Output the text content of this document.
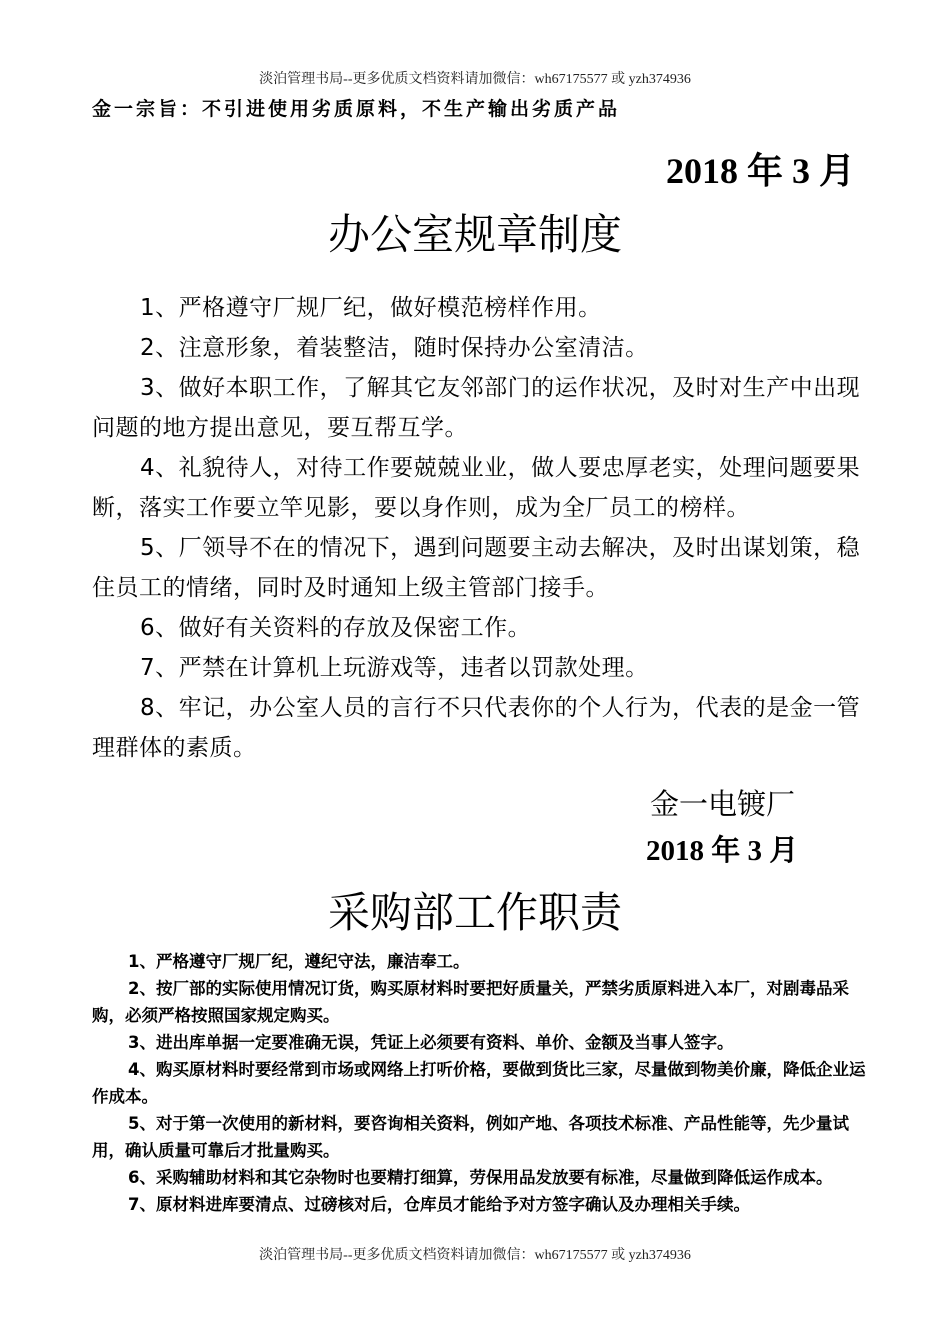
淡泊管理书局--更多优质文档资料请加微信：wh67175577 或 yzh374936
金一宗旨：不引进使用劣质原料，不生产输出劣质产品
2018 年 3 月
办公室规章制度
1、严格遵守厂规厂纪，做好模范榜样作用。
2、注意形象，着装整洁，随时保持办公室清洁。
3、做好本职工作，了解其它友邻部门的运作状况，及时对生产中出现问题的地方提出意见，要互帮互学。
4、礼貌待人，对待工作要兢兢业业，做人要忠厚老实，处理问题要果断，落实工作要立竿见影，要以身作则，成为全厂员工的榜样。
5、厂领导不在的情况下，遇到问题要主动去解决，及时出谋划策，稳住员工的情绪，同时及时通知上级主管部门接手。
6、做好有关资料的存放及保密工作。
7、严禁在计算机上玩游戏等，违者以罚款处理。
8、牢记，办公室人员的言行不只代表你的个人行为，代表的是金一管理群体的素质。
金一电镀厂
2018 年 3 月
采购部工作职责
1、严格遵守厂规厂纪，遵纪守法，廉洁奉工。
2、按厂部的实际使用情况订货，购买原材料时要把好质量关，严禁劣质原料进入本厂，对剧毒品采购，必须严格按照国家规定购买。
3、进出库单据一定要准确无误，凭证上必须要有资料、单价、金额及当事人签字。
4、购买原材料时要经常到市场或网络上打听价格，要做到货比三家，尽量做到物美价廉，降低企业运作成本。
5、对于第一次使用的新材料，要咨询相关资料，例如产地、各项技术标准、产品性能等，先少量试用，确认质量可靠后才批量购买。
6、采购辅助材料和其它杂物时也要精打细算，劳保用品发放要有标准，尽量做到降低运作成本。
7、原材料进库要清点、过磅核对后，仓库员才能给予对方签字确认及办理相关手续。
淡泊管理书局--更多优质文档资料请加微信：wh67175577 或 yzh374936
